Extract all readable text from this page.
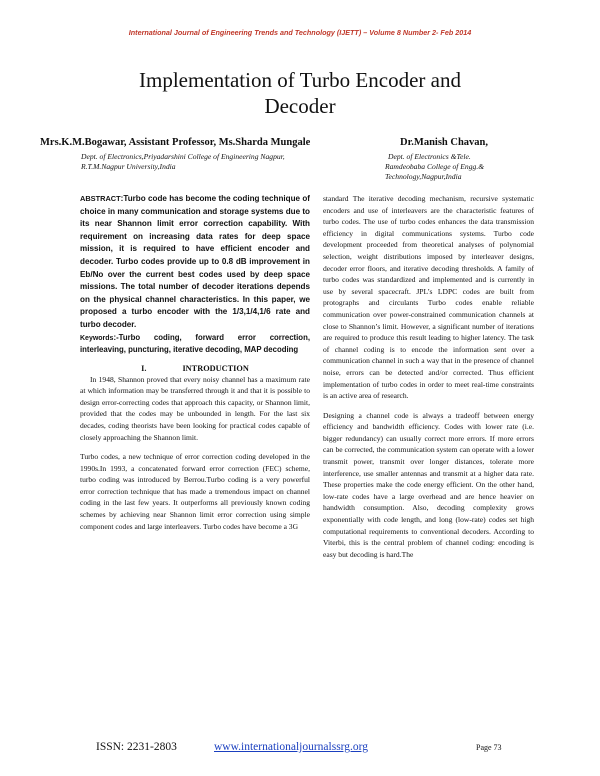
International Journal of Engineering Trends and Technology (IJETT) – Volume 8 Number 2- Feb 2014
Implementation of Turbo Encoder and
Decoder
Mrs.K.M.Bogawar, Assistant Professor, Ms.Sharda Mungale	Dr.Manish Chavan,
Dept. of Electronics,Priyadarshini College of Engineering Nagpur,
R.T.M.Nagpur University,India
Dept. of Electronics &Tele.
Ramdeobaba College of Engg.&
Technology,Nagpur,India

ABSTRACT:Turbo code has become the coding technique of choice in many communication and storage systems due to its near Shannon limit error correction capability. With requirement on increasing data rates for deep space mission, it is required to have efficient encoder and decoder. Turbo codes provide up to 0.8 dB improvement in Eb/No over the current best codes used by deep space missions. The total number of decoder iterations depends on the physical channel characteristics. In this paper, we proposed a turbo encoder with the 1/3,1/4,1/6 rate and turbo decoder.

Keywords:-Turbo coding, forward error correction, interleaving, puncturing, iterative decoding, MAP decoding

I.	INTRODUCTION

In 1948, Shannon proved that every noisy channel has a maximum rate at which information may be transferred through it and that it is possible to design error-correcting codes that approach this capacity, or Shannon limit, provided that the codes may be unbounded in length. For the last six decades, coding theorists have been looking for practical codes capable of closely approaching the Shannon limit.

Turbo codes, a new technique of error correction coding developed in the 1990s.In 1993, a concatenated forward error correction (FEC) scheme, turbo coding was introduced by Berrou.Turbo coding is a very powerful error correction technique that has made a tremendous impact on channel coding in the last few years. It outperforms all previously known coding schemes by achieving near Shannon limit error correction using simple component codes and large interleavers. Turbo codes have become a 3G

standard The iterative decoding mechanism, recursive systematic encoders and use of interleavers are the characteristic features of turbo codes. The use of turbo codes enhances the data transmission efficiency in digital communications systems. Turbo code development proceeded from theoretical analyses of polynomial selection, weight distributions imposed by interleaver designs, decoder error floors, and iterative decoding thresholds. A family of turbo codes was standardized and implemented and is currently in use by several spacecraft. JPL’s LDPC codes are built from protographs and circulants Turbo codes enable reliable communication over power-constrained communication channels at close to Shannon’s limit. However, a significant number of iterations are required to produce this result leading to higher latency. The task of channel coding is to encode the information sent over a communication channel in such a way that in the presence of channel noise, errors can be detected and/or corrected. Thus efficient implementation of turbo codes in order to meet real-time constraints is an active area of research.

Designing a channel code is always a tradeoff between energy efficiency and bandwidth efficiency. Codes with lower rate (i.e. bigger redundancy) can usually correct more errors. If more errors can be corrected, the communication system can operate with a lower transmit power, transmit over longer distances, tolerate more interference, use smaller antennas and transmit at a higher data rate. These properties make the code energy efficient. On the other hand, low-rate codes have a large overhead and are hence heavier on handwidth consumption. Also, decoding complexity grows exponentially with code length, and long (low-rate) codes set high computational requirements to conventional decoders. According to Viterbi, this is the central problem of channel coding: encoding is easy but decoding is hard.The

ISSN: 2231-2803	www.internationaljournalssrg.org	Page 73
